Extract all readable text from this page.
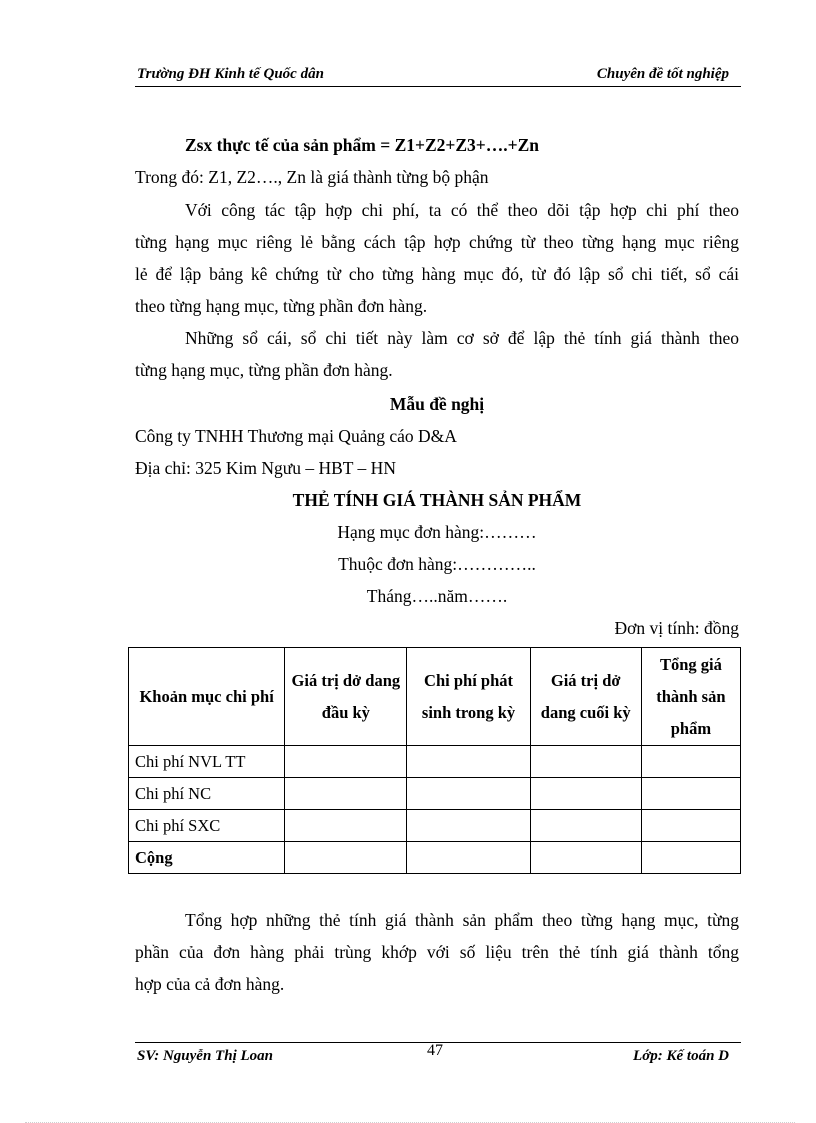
Trường ĐH Kinh tế Quốc dân	Chuyên đề tốt nghiệp
Zsx thực tế của sản phẩm = Z1+Z2+Z3+….+Zn
Trong đó: Z1, Z2…., Zn là giá thành từng bộ phận
Với công tác tập hợp chi phí, ta có thể theo dõi tập hợp chi phí theo
từng hạng mục riêng lẻ bằng cách tập hợp chứng từ theo từng hạng mục riêng
lẻ để lập bảng kê chứng từ cho từng hàng mục đó, từ đó lập sổ chi tiết, sổ cái
theo từng hạng mục, từng phần đơn hàng.
Những sổ cái, sổ chi tiết này làm cơ sở để lập thẻ tính giá thành theo
từng hạng mục, từng phần đơn hàng.
Mẫu đề nghị
Công ty TNHH Thương mại Quảng cáo D&A
Địa chỉ: 325 Kim Ngưu – HBT – HN
THẺ TÍNH GIÁ THÀNH SẢN PHẨM
Hạng mục đơn hàng:………
Thuộc đơn hàng:…………..
Tháng…..năm…….
Đơn vị tính: đồng
Khoản mục chi phí	Giá trị dở dang đầu kỳ	Chi phí phát sinh trong kỳ	Giá trị dở dang cuối kỳ	Tổng giá thành sản phẩm
Chi phí NVL TT				
Chi phí NC				
Chi phí SXC				
Cộng				
Tổng hợp những thẻ tính giá thành sản phẩm theo từng hạng mục, từng
phần của đơn hàng phải trùng khớp với số liệu trên thẻ tính giá thành tổng
hợp của cả đơn hàng.
SV: Nguyễn Thị Loan	47	Lớp: Kế toán D
